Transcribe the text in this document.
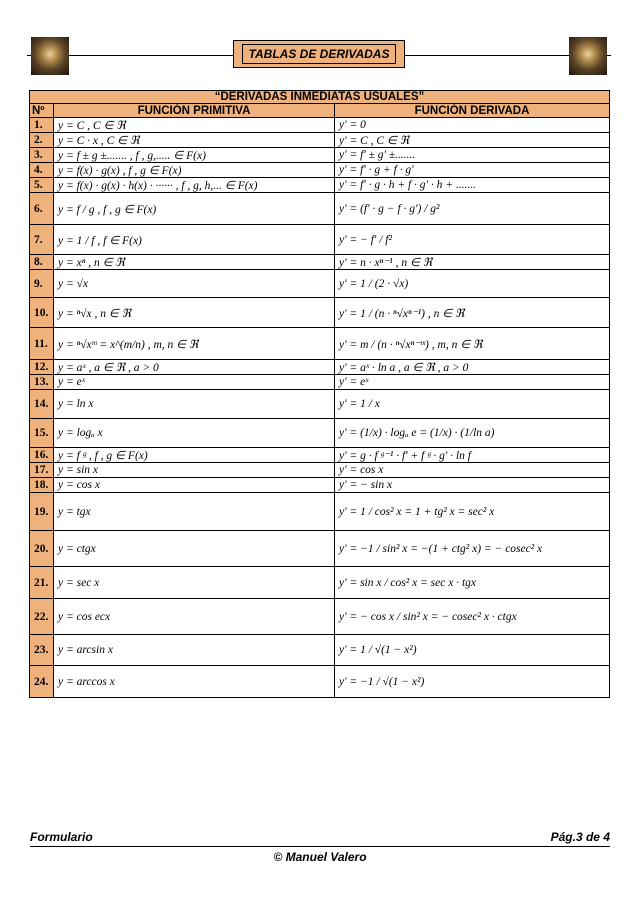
TABLAS DE DERIVADAS
“DERIVADAS INMEDIATAS USUALES”		
Nº	FUNCIÓN PRIMITIVA	FUNCIÓN DERIVADA
1.	y = C , C ∈ ℜ	y' = 0
2.	y = C · x , C ∈ ℜ	y' = C , C ∈ ℜ
3.	y = f ± g ±....... , f , g,..... ∈ F(x)	y' = f' ± g' ±.......
4.	y = f(x) · g(x) , f , g ∈ F(x)	y' = f' · g + f · g'
5.	y = f(x) · g(x) · h(x) · ······ , f , g, h,... ∈ F(x)	y' = f' · g · h + f · g' · h + .......
6.	y = f / g , f , g ∈ F(x)	y' = (f' · g − f · g') / g²
7.	y = 1 / f , f ∈ F(x)	y' = − f' / f²
8.	y = xⁿ , n ∈ ℜ	y' = n · xⁿ⁻¹ , n ∈ ℜ
9.	y = √x	y' = 1 / (2 · √x)
10.	y = ⁿ√x , n ∈ ℜ	y' = 1 / (n · ⁿ√xⁿ⁻¹) , n ∈ ℜ
11.	y = ⁿ√xᵐ = x^(m/n) , m, n ∈ ℜ	y' = m / (n · ⁿ√xⁿ⁻ᵐ) , m, n ∈ ℜ
12.	y = aˣ , a ∈ ℜ , a > 0	y' = aˣ · ln a , a ∈ ℜ , a > 0
13.	y = eˣ	y' = eˣ
14.	y = ln x	y' = 1 / x
15.	y = logₐ x	y' = (1/x) · logₐ e = (1/x) · (1/ln a)
16.	y = f ᵍ , f , g ∈ F(x)	y' = g · f ᵍ⁻¹ · f' + f ᵍ · g' · ln f
17.	y = sin x	y' = cos x
18.	y = cos x	y' = − sin x
19.	y = tgx	y' = 1 / cos² x = 1 + tg² x = sec² x
20.	y = ctgx	y' = −1 / sin² x = −(1 + ctg² x) = − cosec² x
21.	y = sec x	y' = sin x / cos² x = sec x · tgx
22.	y = cos ecx	y' = − cos x / sin² x = − cosec² x · ctgx
23.	y = arcsin x	y' = 1 / √(1 − x²)
24.	y = arccos x	y' = −1 / √(1 − x²)
Formulario	Pág.3 de 4
© Manuel Valero
